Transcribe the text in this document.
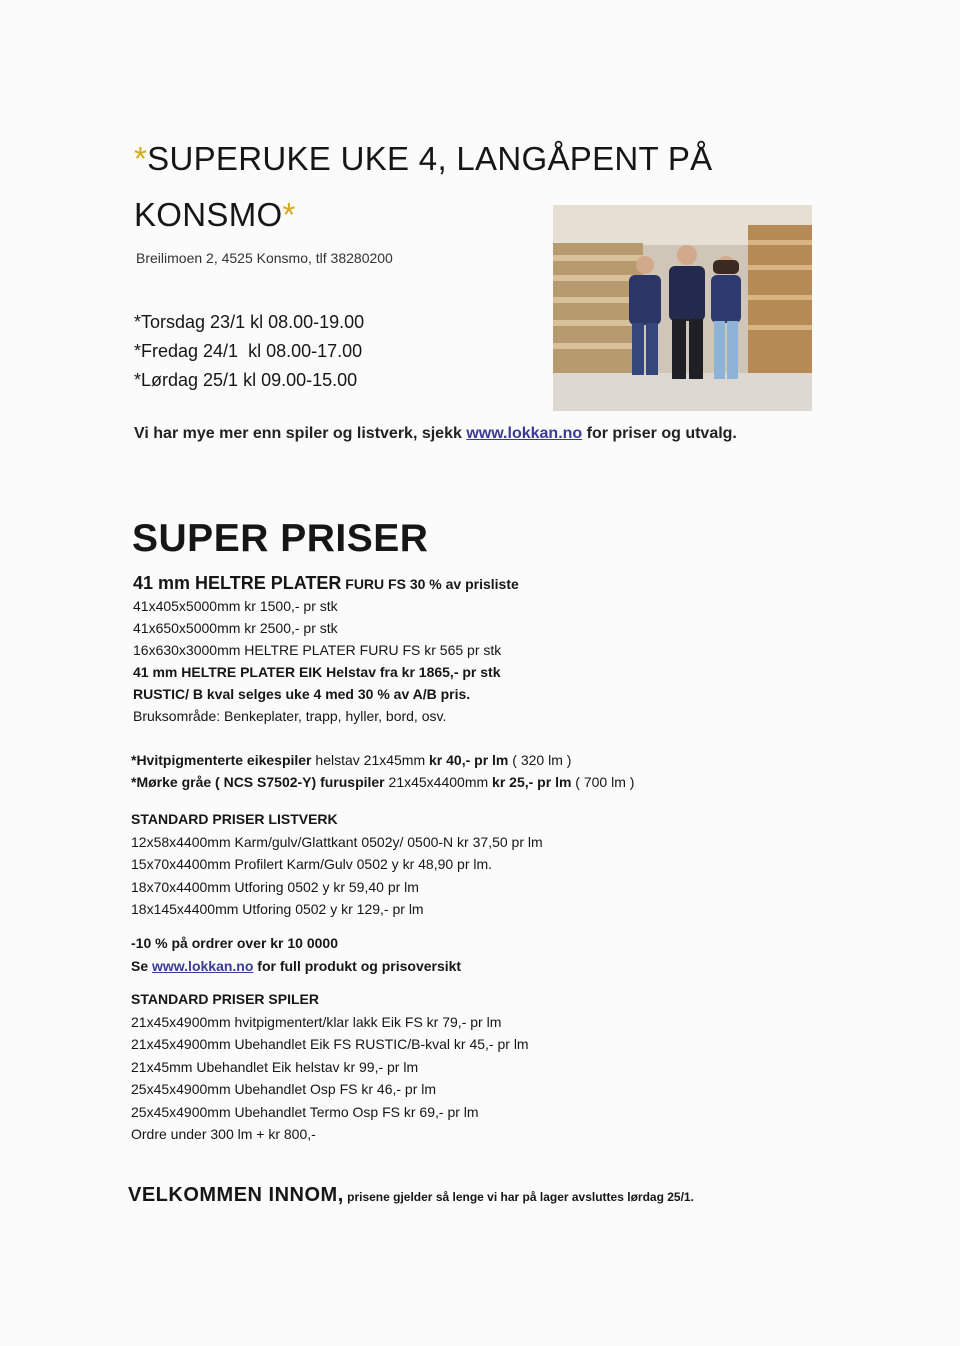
*SUPERUKE UKE 4, LANGÅPENT PÅ
KONSMO*
Breilimoen 2, 4525 Konsmo, tlf 38280200
*Torsdag 23/1 kl 08.00-19.00
*Fredag 24/1  kl 08.00-17.00
*Lørdag 25/1 kl 09.00-15.00
Vi har mye mer enn spiler og listverk, sjekk www.lokkan.no for priser og utvalg.
SUPER PRISER
41 mm HELTRE PLATER FURU FS 30 % av prisliste
41x405x5000mm kr 1500,- pr stk
41x650x5000mm kr 2500,- pr stk
16x630x3000mm HELTRE PLATER FURU FS kr 565 pr stk
41 mm HELTRE PLATER EIK Helstav fra kr 1865,- pr stk
RUSTIC/ B kval selges uke 4 med 30 % av A/B pris.
Bruksområde: Benkeplater, trapp, hyller, bord, osv.
*Hvitpigmenterte eikespiler helstav 21x45mm kr 40,- pr lm ( 320 lm )
*Mørke gråe ( NCS S7502-Y) furuspiler 21x45x4400mm kr 25,- pr lm ( 700 lm )
STANDARD PRISER LISTVERK
12x58x4400mm Karm/gulv/Glattkant 0502y/ 0500-N kr 37,50 pr lm
15x70x4400mm Profilert Karm/Gulv 0502 y kr 48,90 pr lm.
18x70x4400mm Utforing 0502 y kr 59,40 pr lm
18x145x4400mm Utforing 0502 y kr 129,- pr lm
-10 % på ordrer over kr 10 0000
Se www.lokkan.no for full produkt og prisoversikt
STANDARD PRISER SPILER
21x45x4900mm hvitpigmentert/klar lakk Eik FS kr 79,- pr lm
21x45x4900mm Ubehandlet Eik FS RUSTIC/B-kval kr 45,- pr lm
21x45mm Ubehandlet Eik helstav kr 99,- pr lm
25x45x4900mm Ubehandlet Osp FS kr 46,- pr lm
25x45x4900mm Ubehandlet Termo Osp FS kr 69,- pr lm
Ordre under 300 lm + kr 800,-
VELKOMMEN INNOM, prisene gjelder så lenge vi har på lager avsluttes lørdag 25/1.
